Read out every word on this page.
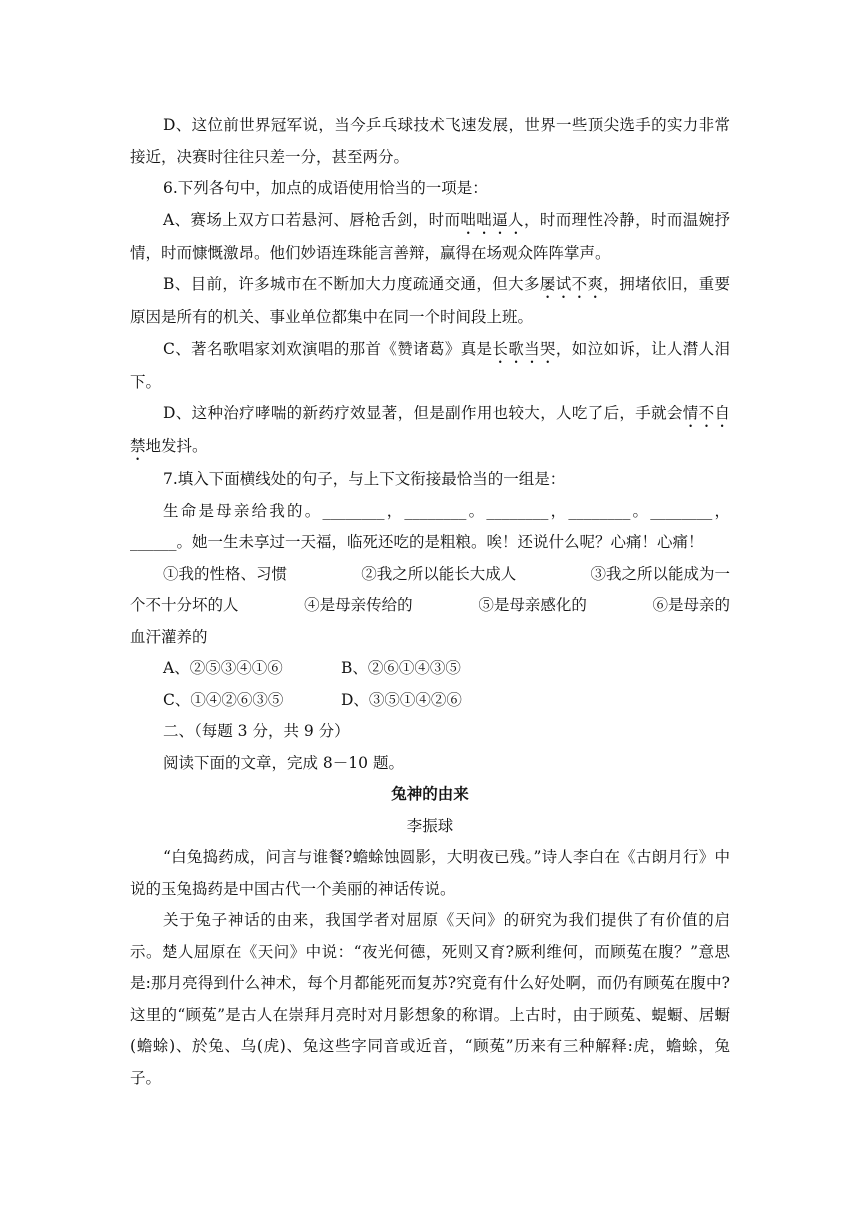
D、这位前世界冠军说，当今乒乓球技术飞速发展，世界一些顶尖选手的实力非常接近，决赛时往往只差一分，甚至两分。

6.下列各句中，加点的成语使用恰当的一项是：

A、赛场上双方口若悬河、唇枪舌剑，时而咄咄逼人，时而理性冷静，时而温婉抒情，时而慷慨激昂。他们妙语连珠能言善辩，赢得在场观众阵阵掌声。

B、目前，许多城市在不断加大力度疏通交通，但大多屡试不爽，拥堵依旧，重要原因是所有的机关、事业单位都集中在同一个时间段上班。

C、著名歌唱家刘欢演唱的那首《赞诸葛》真是长歌当哭，如泣如诉，让人潸人泪下。

D、这种治疗哮喘的新药疗效显著，但是副作用也较大，人吃了后，手就会情不自禁地发抖。

7.填入下面横线处的句子，与上下文衔接最恰当的一组是：

生命是母亲给我的。________，________。________，________。________，______。她一生未享过一天福，临死还吃的是粗粮。唉！还说什么呢？心痛！心痛！

①我的性格、习惯	②我之所以能长大成人	③我之所以能成为一

个不十分坏的人	④是母亲传给的	⑤是母亲感化的	⑥是母亲的

血汗灌养的

A、②⑤③④①⑥	B、②⑥①④③⑤

C、①④②⑥③⑤	D、③⑤①④②⑥

二、（每题 3 分，共 9 分）

阅读下面的文章，完成 8－10 题。

兔神的由来

李振球

“白兔捣药成，问言与谁餐?蟾蜍蚀圆影，大明夜已残。”诗人李白在《古朗月行》中说的玉兔捣药是中国古代一个美丽的神话传说。

关于兔子神话的由来，我国学者对屈原《天问》的研究为我们提供了有价值的启示。楚人屈原在《天问》中说：“夜光何德，死则又育?厥利维何，而顾菟在腹？”意思是:那月亮得到什么神术，每个月都能死而复苏?究竟有什么好处啊，而仍有顾菟在腹中?这里的“顾菟”是古人在崇拜月亮时对月影想象的称谓。上古时，由于顾菟、蝭蟵、居蟵(蟾蜍)、於兔、乌(虎)、兔这些字同音或近音，“顾菟”历来有三种解释:虎，蟾蜍，兔子。
